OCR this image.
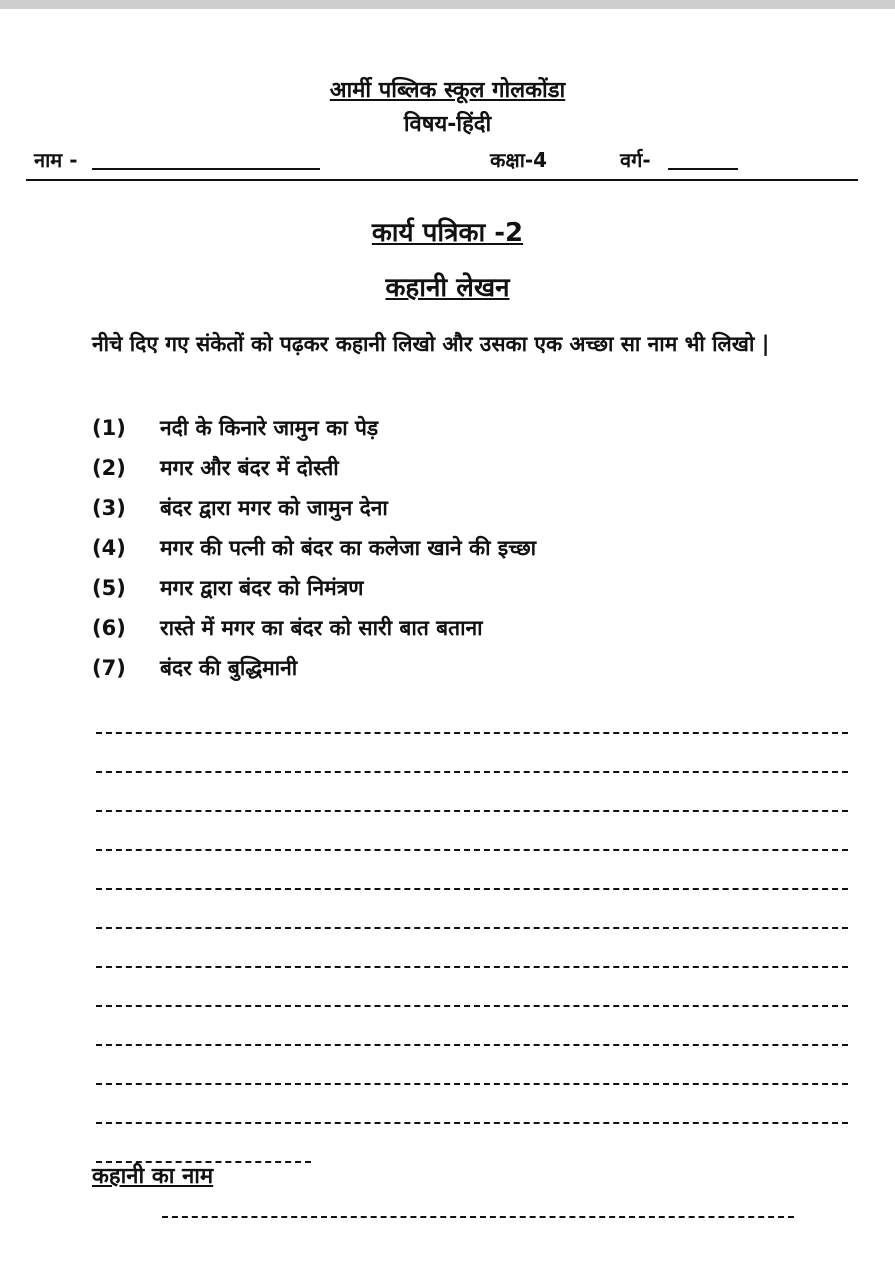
आर्मी पब्लिक स्कूल गोलकोंडा
विषय-हिंदी
नाम -	कक्षा-4	वर्ग-
कार्य पत्रिका -2
कहानी लेखन
नीचे दिए गए संकेतों को पढ़कर कहानी लिखो और उसका एक अच्छा सा नाम भी लिखो |
(1)	नदी के किनारे जामुन का पेड़
(2)	मगर और बंदर में दोस्ती
(3)	बंदर द्वारा मगर को जामुन देना
(4)	मगर की पत्नी को बंदर का कलेजा खाने की इच्छा
(5)	मगर द्वारा बंदर को निमंत्रण
(6)	रास्ते में मगर का बंदर को सारी बात बताना
(7)	बंदर की बुद्धिमानी
कहानी का नाम
